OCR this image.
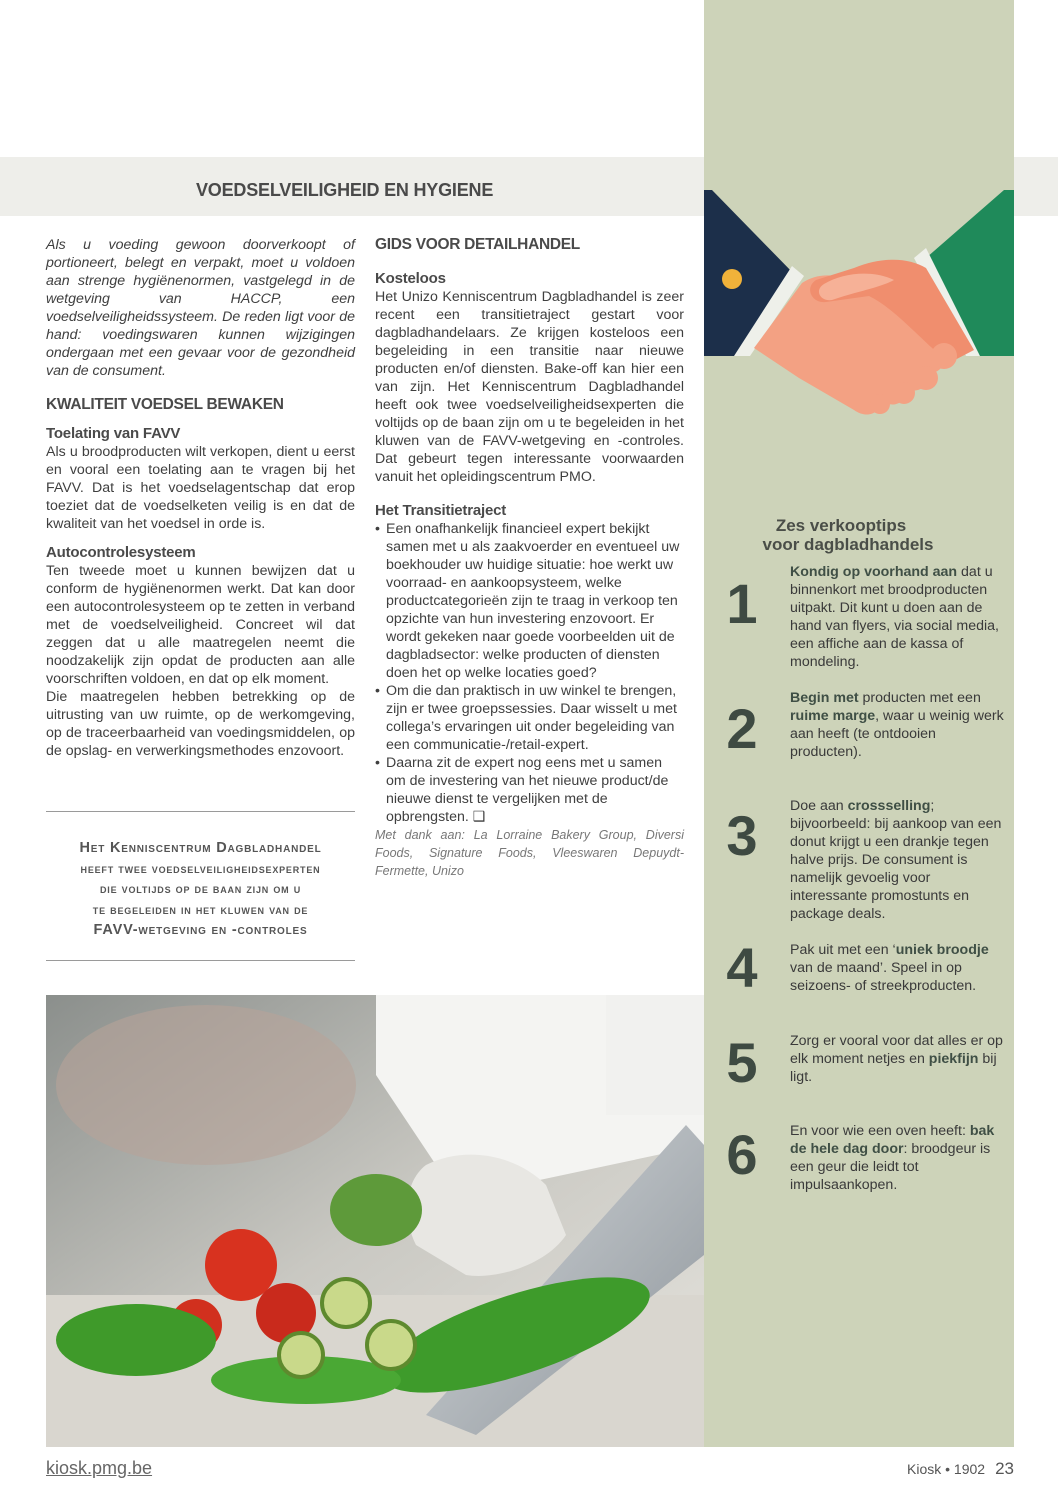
VOEDSELVEILIGHEID EN HYGIENE

Als u voeding gewoon doorverkoopt of portioneert, belegt en verpakt, moet u voldoen aan strenge hygiënenormen, vastgelegd in de wetgeving van HACCP, een voedselveiligheidssysteem. De reden ligt voor de hand: voedingswaren kunnen wijzigingen ondergaan met een gevaar voor de gezondheid van de consument.

KWALITEIT VOEDSEL BEWAKEN

Toelating van FAVV

Als u broodproducten wilt verkopen, dient u eerst en vooral een toelating aan te vragen bij het FAVV. Dat is het voedselagentschap dat erop toeziet dat de voedselketen veilig is en dat de kwaliteit van het voedsel in orde is.

Autocontrolesysteem

Ten tweede moet u kunnen bewijzen dat u conform de hygiënenormen werkt. Dat kan door een autocontrolesysteem op te zetten in verband met de voedselveiligheid. Concreet wil dat zeggen dat u alle maatregelen neemt die noodzakelijk zijn opdat de producten aan alle voorschriften voldoen, en dat op elk moment.

Die maatregelen hebben betrekking op de uitrusting van uw ruimte, op de werkomgeving, op de traceerbaarheid van voedingsmiddelen, op de opslag- en verwerkingsmethodes enzovoort.

Het Kenniscentrum Dagbladhandel
heeft twee voedselveiligheidsexperten
die voltijds op de baan zijn om u
te begeleiden in het kluwen van de
FAVV-wetgeving en -controles

GIDS VOOR DETAILHANDEL

Kosteloos

Het Unizo Kenniscentrum Dagbladhandel is zeer recent een transitietraject gestart voor dagbladhandelaars. Ze krijgen kosteloos een begeleiding in een transitie naar nieuwe producten en/of diensten. Bake-off kan hier een van zijn. Het Kenniscentrum Dagbladhandel heeft ook twee voedselveiligheidsexperten die voltijds op de baan zijn om u te begeleiden in het kluwen van de FAVV-wetgeving en -controles. Dat gebeurt tegen interessante voorwaarden vanuit het opleidingscentrum PMO.

Het Transitietraject

• Een onafhankelijk financieel expert bekijkt samen met u als zaakvoerder en eventueel uw boekhouder uw huidige situatie: hoe werkt uw voorraad- en aankoopsysteem, welke productcategorieën zijn te traag in verkoop ten opzichte van hun investering enzovoort. Er wordt gekeken naar goede voorbeelden uit de dagbladsector: welke producten of diensten doen het op welke locaties goed?
• Om die dan praktisch in uw winkel te brengen, zijn er twee groepssessies. Daar wisselt u met collega’s ervaringen uit onder begeleiding van een communicatie-/retail-expert.
• Daarna zit de expert nog eens met u samen om de investering van het nieuwe product/de nieuwe dienst te vergelijken met de opbrengsten. ❑

Met dank aan: La Lorraine Bakery Group, Diversi Foods, Signature Foods, Vleeswaren Depuydt-Fermette, Unizo

Zes verkooptips
voor dagbladhandels
1	Kondig op voorhand aan dat u binnenkort met broodproducten uitpakt. Dit kunt u doen aan de hand van flyers, via social media, een affiche aan de kassa of mondeling.
2	Begin met producten met een ruime marge, waar u weinig werk aan heeft (te ontdooien producten).
3	Doe aan crossselling; bijvoorbeeld: bij aankoop van een donut krijgt u een drankje tegen halve prijs. De consument is namelijk gevoelig voor interessante promostunts en package deals.
4	Pak uit met een ‘uniek broodje van de maand’. Speel in op seizoens- of streekproducten.
5	Zorg er vooral voor dat alles er op elk moment netjes en piekfijn bij ligt.
6	En voor wie een oven heeft: bak de hele dag door: broodgeur is een geur die leidt tot impulsaankopen.
kiosk.pmg.be	Kiosk • 1902 23
